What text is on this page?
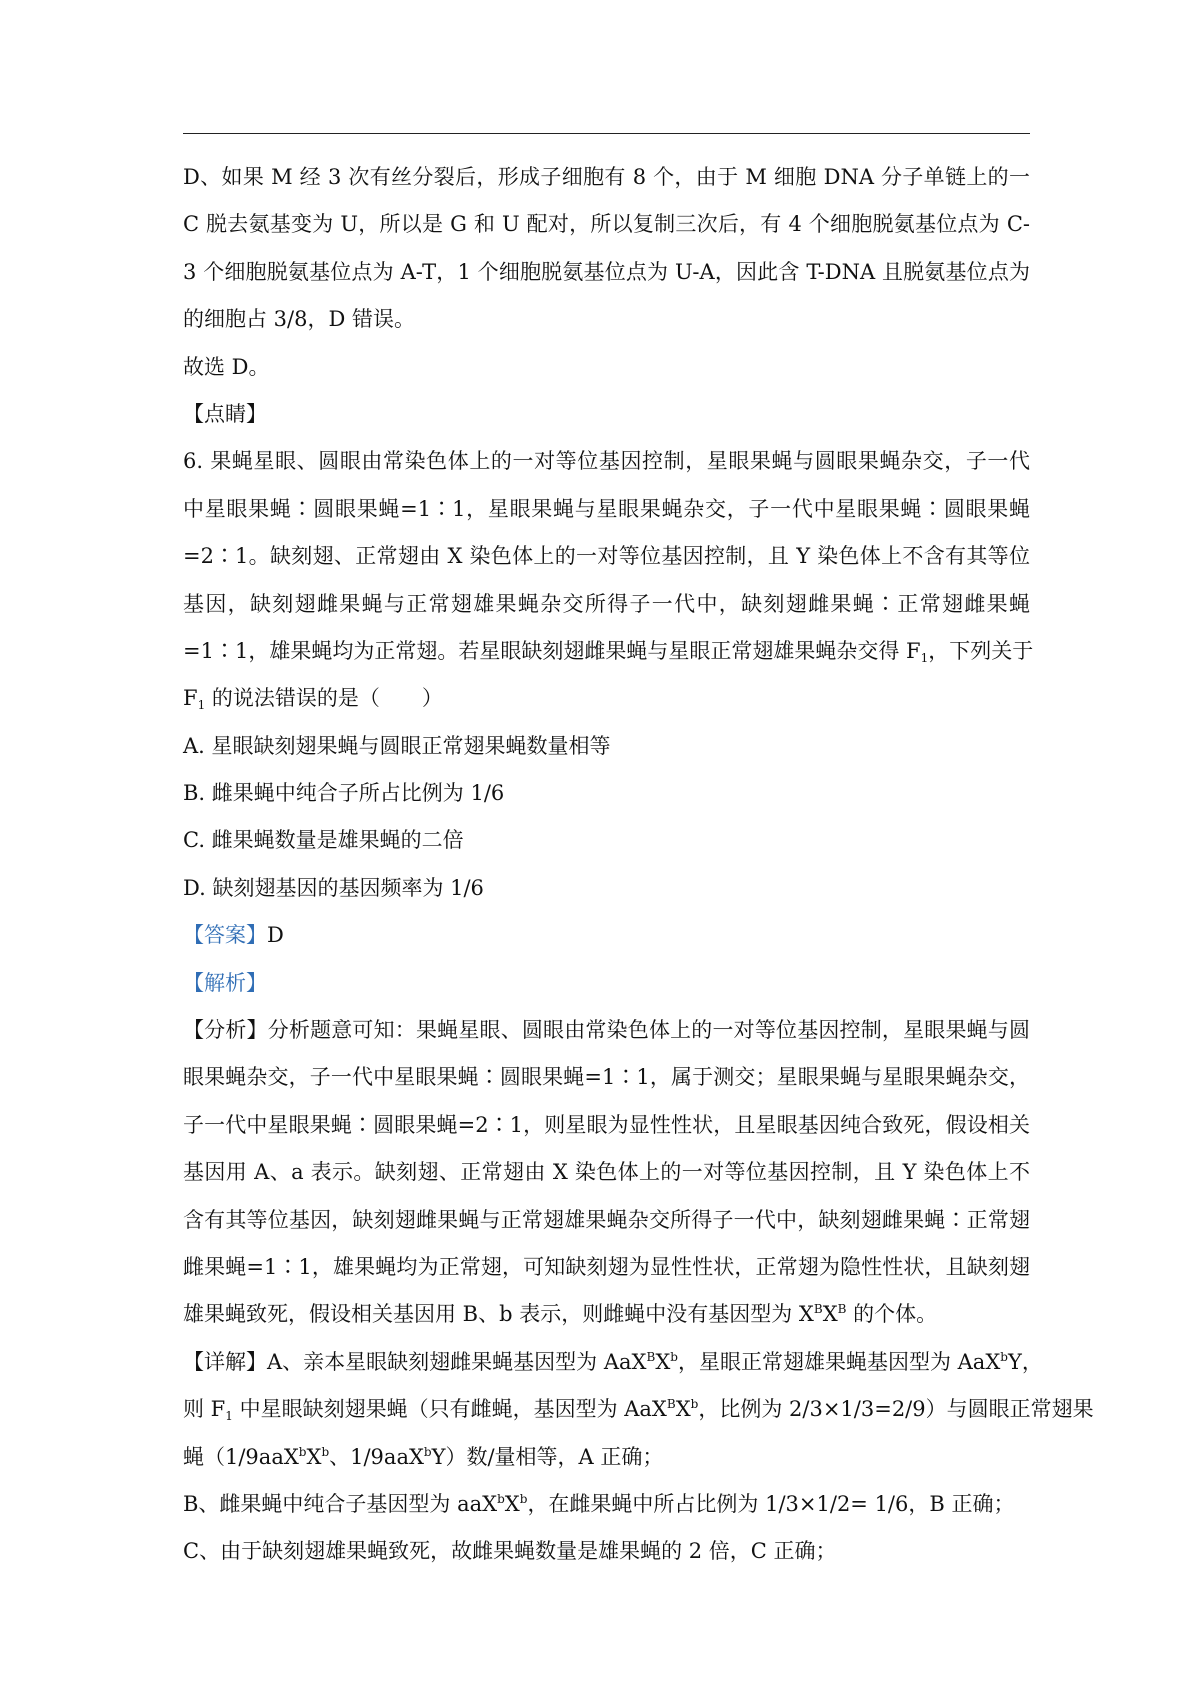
D、如果 M 经 3 次有丝分裂后，形成子细胞有 8 个，由于 M 细胞 DNA 分子单链上的一
C 脱去氨基变为 U，所以是 G 和 U 配对，所以复制三次后，有 4 个细胞脱氨基位点为 C-
3 个细胞脱氨基位点为 A-T，1 个细胞脱氨基位点为 U-A，因此含 T-DNA 且脱氨基位点为
的细胞占 3/8，D 错误。
故选 D。
【点睛】
6. 果蝇星眼、圆眼由常染色体上的一对等位基因控制，星眼果蝇与圆眼果蝇杂交，子一代
中星眼果蝇∶圆眼果蝇=1∶1，星眼果蝇与星眼果蝇杂交，子一代中星眼果蝇∶圆眼果蝇
=2∶1。缺刻翅、正常翅由 X 染色体上的一对等位基因控制，且 Y 染色体上不含有其等位
基因，缺刻翅雌果蝇与正常翅雄果蝇杂交所得子一代中，缺刻翅雌果蝇∶正常翅雌果蝇
=1∶1，雄果蝇均为正常翅。若星眼缺刻翅雌果蝇与星眼正常翅雄果蝇杂交得 $F_1$，下列关于
$F_1$ 的说法错误的是（　　）
A. 星眼缺刻翅果蝇与圆眼正常翅果蝇数量相等
B. 雌果蝇中纯合子所占比例为 1/6
C. 雌果蝇数量是雄果蝇的二倍
D. 缺刻翅基因的基因频率为 1/6
【答案】D
【解析】
【分析】分析题意可知：果蝇星眼、圆眼由常染色体上的一对等位基因控制，星眼果蝇与圆
眼果蝇杂交，子一代中星眼果蝇∶圆眼果蝇=1∶1，属于测交；星眼果蝇与星眼果蝇杂交，
子一代中星眼果蝇∶圆眼果蝇=2∶1，则星眼为显性性状，且星眼基因纯合致死，假设相关
基因用 A、a 表示。缺刻翅、正常翅由 X 染色体上的一对等位基因控制，且 Y 染色体上不
含有其等位基因，缺刻翅雌果蝇与正常翅雄果蝇杂交所得子一代中，缺刻翅雌果蝇∶正常翅
雌果蝇=1∶1，雄果蝇均为正常翅，可知缺刻翅为显性性状，正常翅为隐性性状，且缺刻翅
雄果蝇致死，假设相关基因用 B、b 表示，则雌蝇中没有基因型为 $X^BX^B$ 的个体。
【详解】A、亲本星眼缺刻翅雌果蝇基因型为 $AaX^BX^b$，星眼正常翅雄果蝇基因型为 AaX$^b$Y，
则 $F_1$ 中星眼缺刻翅果蝇（只有雌蝇，基因型为 $AaX^BX^b$，比例为 2/3×1/3=2/9）与圆眼正常翅果
蝇（$1/9aaX^bX^b$、1/9aaX$^b$Y）数/量相等，A 正确；
B、雌果蝇中纯合子基因型为 $aaX^bX^b$，在雌果蝇中所占比例为 1/3×1/2= 1/6，B 正确；
C、由于缺刻翅雄果蝇致死，故雌果蝇数量是雄果蝇的 2 倍，C 正确；
